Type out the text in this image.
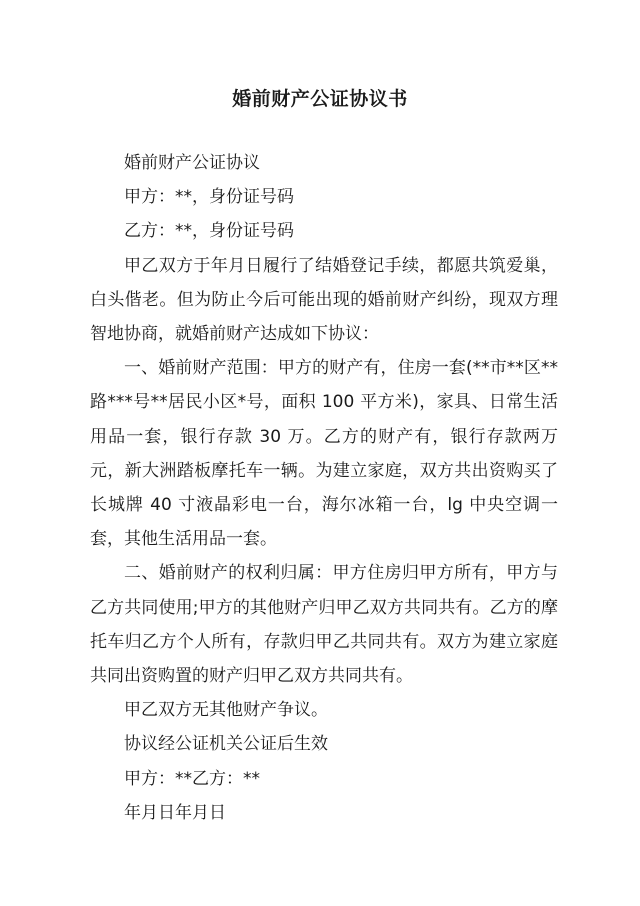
婚前财产公证协议书

婚前财产公证协议

甲方：**，身份证号码

乙方：**，身份证号码

甲乙双方于年月日履行了结婚登记手续，都愿共筑爱巢，白头偕老。但为防止今后可能出现的婚前财产纠纷，现双方理智地协商，就婚前财产达成如下协议：

一、婚前财产范围：甲方的财产有，住房一套(**市**区**路***号**居民小区*号，面积 100 平方米)，家具、日常生活用品一套，银行存款 30 万。乙方的财产有，银行存款两万元，新大洲踏板摩托车一辆。为建立家庭，双方共出资购买了长城牌 40 寸液晶彩电一台，海尔冰箱一台，lg 中央空调一套，其他生活用品一套。

二、婚前财产的权利归属：甲方住房归甲方所有，甲方与乙方共同使用;甲方的其他财产归甲乙双方共同共有。乙方的摩托车归乙方个人所有，存款归甲乙共同共有。双方为建立家庭共同出资购置的财产归甲乙双方共同共有。

甲乙双方无其他财产争议。

协议经公证机关公证后生效

甲方：**乙方：**

年月日年月日
